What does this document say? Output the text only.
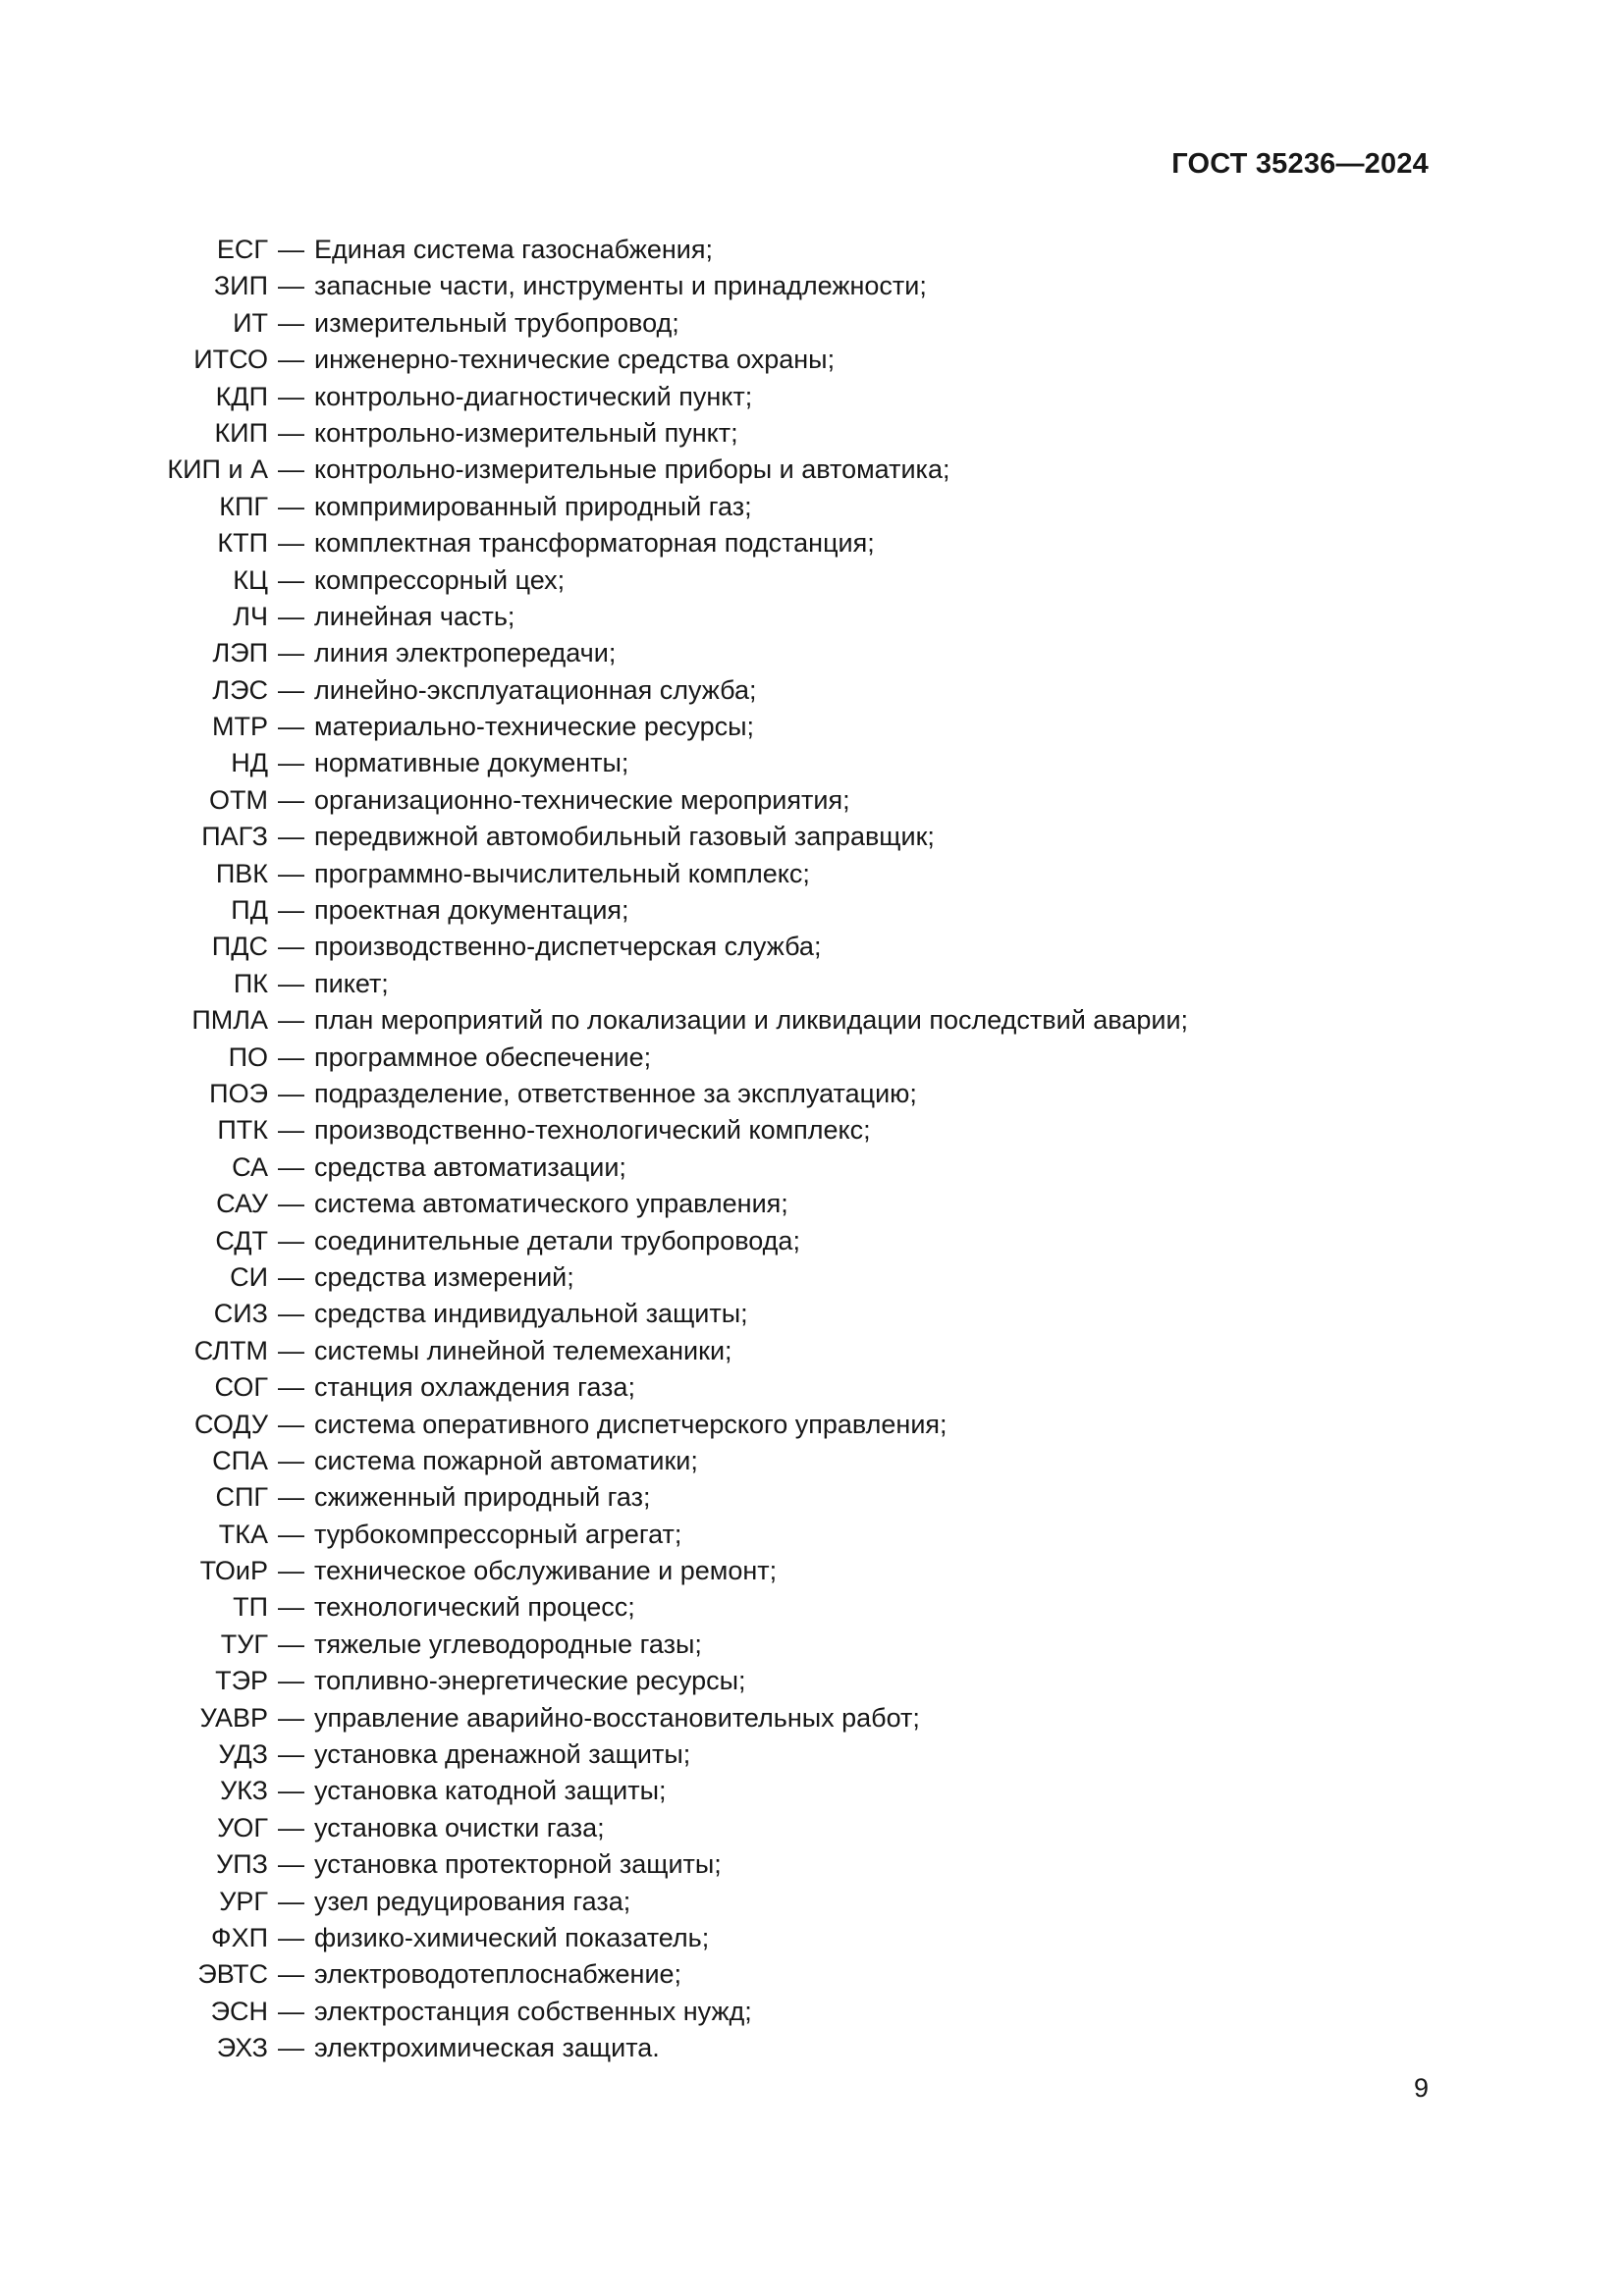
ГОСТ 35236—2024
ЕСГ — Единая система газоснабжения;
ЗИП — запасные части, инструменты и принадлежности;
ИТ — измерительный трубопровод;
ИТСО — инженерно-технические средства охраны;
КДП — контрольно-диагностический пункт;
КИП — контрольно-измерительный пункт;
КИП и А — контрольно-измерительные приборы и автоматика;
КПГ — компримированный природный газ;
КТП — комплектная трансформаторная подстанция;
КЦ — компрессорный цех;
ЛЧ — линейная часть;
ЛЭП — линия электропередачи;
ЛЭС — линейно-эксплуатационная служба;
МТР — материально-технические ресурсы;
НД — нормативные документы;
ОТМ — организационно-технические мероприятия;
ПАГЗ — передвижной автомобильный газовый заправщик;
ПВК — программно-вычислительный комплекс;
ПД — проектная документация;
ПДС — производственно-диспетчерская служба;
ПК — пикет;
ПМЛА — план мероприятий по локализации и ликвидации последствий аварии;
ПО — программное обеспечение;
ПОЭ — подразделение, ответственное за эксплуатацию;
ПТК — производственно-технологический комплекс;
СА — средства автоматизации;
САУ — система автоматического управления;
СДТ — соединительные детали трубопровода;
СИ — средства измерений;
СИЗ — средства индивидуальной защиты;
СЛТМ — системы линейной телемеханики;
СОГ — станция охлаждения газа;
СОДУ — система оперативного диспетчерского управления;
СПА — система пожарной автоматики;
СПГ — сжиженный природный газ;
ТКА — турбокомпрессорный агрегат;
ТОиР — техническое обслуживание и ремонт;
ТП — технологический процесс;
ТУГ — тяжелые углеводородные газы;
ТЭР — топливно-энергетические ресурсы;
УАВР — управление аварийно-восстановительных работ;
УДЗ — установка дренажной защиты;
УКЗ — установка катодной защиты;
УОГ — установка очистки газа;
УПЗ — установка протекторной защиты;
УРГ — узел редуцирования газа;
ФХП — физико-химический показатель;
ЭВТС — электроводотеплоснабжение;
ЭСН — электростанция собственных нужд;
ЭХЗ — электрохимическая защита.
9
